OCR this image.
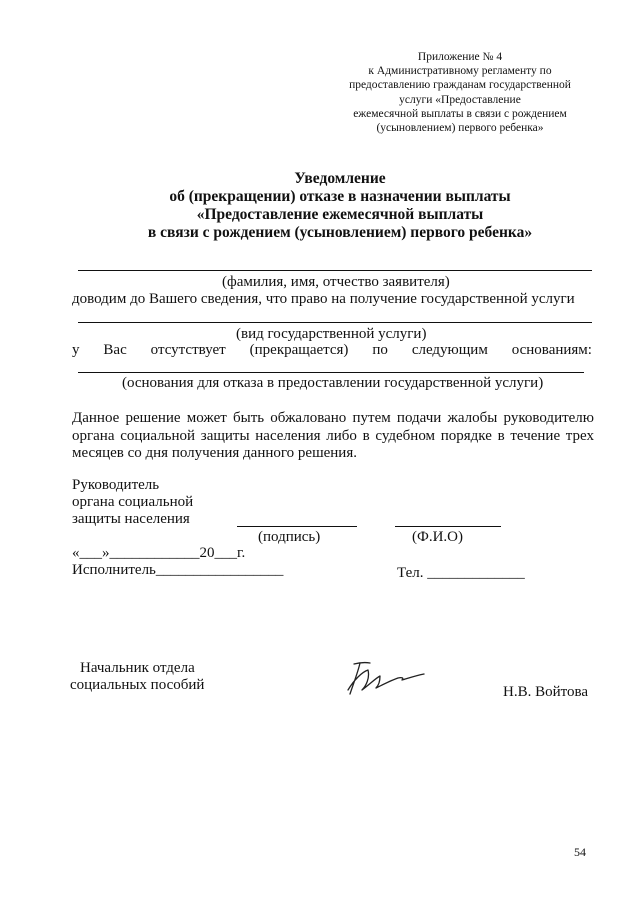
Приложение № 4
к Административному регламенту по
предоставлению гражданам государственной
услуги «Предоставление
ежемесячной выплаты в связи с рождением
(усыновлением) первого ребенка»
Уведомление
об (прекращении) отказе в назначении выплаты
«Предоставление ежемесячной выплаты
в связи с рождением (усыновлением) первого ребенка»
(фамилия, имя, отчество заявителя)
доводим до Вашего сведения, что право на получение государственной услуги
(вид государственной услуги)
у Вас отсутствует (прекращается) по следующим основаниям:
(основания для отказа в предоставлении государственной услуги)
Данное решение может быть обжаловано путем подачи жалобы руководителю органа социальной защиты населения либо в судебном порядке в течение трех месяцев со дня получения данного решения.
Руководитель
органа социальной
защиты населения
(подпись)	(Ф.И.О)
«___»____________20___г.
Исполнитель_________________	Тел. _____________
Начальник отдела
социальных пособий	Н.В. Войтова
54
